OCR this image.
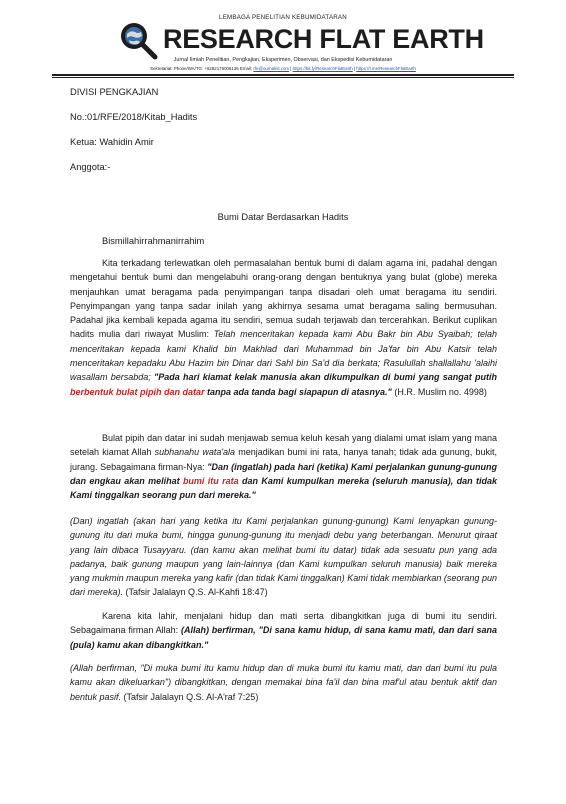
LEMBAGA PENELITIAN KEBUMIDATARAN
RESEARCH FLAT EARTH
Jurnal Ilmiah Penelitian, Pengkajian, Eksperimen, Observasi, dan Ekspedisi Kebumidataran
Sekretariat: Phone/WA/TG: +6282176006136 Email: rfe@ournalist.com | https://bit.ly/ResearchFlatEarth | https://t.me/ResearchFlatEarth
DIVISI PENGKAJIAN
No.:01/RFE/2018/Kitab_Hadits
Ketua: Wahidin Amir
Anggota:-
Bumi Datar Berdasarkan Hadits
Bismillahirrahmanirrahim
Kita terkadang terlewatkan oleh permasalahan bentuk bumi di dalam agama ini, padahal dengan mengetahui bentuk bumi dan mengelabuhi orang-orang dengan bentuknya yang bulat (globe) mereka menjauhkan umat beragama pada penyimpangan tanpa disadari oleh umat beragama itu sendiri. Penyimpangan yang tanpa sadar inilah yang akhirnya sesama umat beragama saling bermusuhan. Padahal jika kembali kepada agama itu sendiri, semua sudah terjawab dan tercerahkan. Berikut cuplikan hadits mulia dari riwayat Muslim: Telah menceritakan kepada kami Abu Bakr bin Abu Syaibah; telah menceritakan kepada kami Khalid bin Makhlad dari Muhammad bin Ja'far bin Abu Katsir telah menceritakan kepadaku Abu Hazim bin Dinar dari Sahl bin Sa'd dia berkata; Rasulullah shallallahu 'alaihi wasallam bersabda; "Pada hari kiamat kelak manusia akan dikumpulkan di bumi yang sangat putih berbentuk bulat pipih dan datar tanpa ada tanda bagi siapapun di atasnya." (H.R. Muslim no. 4998)
Bulat pipih dan datar ini sudah menjawab semua keluh kesah yang dialami umat islam yang mana setelah kiamat Allah subhanahu wata'ala menjadikan bumi ini rata, hanya tanah; tidak ada gunung, bukit, jurang. Sebagaimana firman-Nya: "Dan (ingatlah) pada hari (ketika) Kami perjalankan gunung-gunung dan engkau akan melihat bumi itu rata dan Kami kumpulkan mereka (seluruh manusia), dan tidak Kami tinggalkan seorang pun dari mereka."
(Dan) ingatlah (akan hari yang ketika itu Kami perjalankan gunung-gunung) Kami lenyapkan gunung-gunung itu dari muka bumi, hingga gunung-gunung itu menjadi debu yang beterbangan. Menurut qiraat yang lain dibaca Tusayyaru. (dan kamu akan melihat bumi itu datar) tidak ada sesuatu pun yang ada padanya, baik gunung maupun yang lain-lainnya (dan Kami kumpulkan seluruh manusia) baik mereka yang mukmin maupun mereka yang kafir (dan tidak Kami tinggalkan) Kami tidak membiarkan (seorang pun dari mereka). (Tafsir Jalalayn Q.S. Al-Kahfi 18:47)
Karena kita lahir, menjalani hidup dan mati serta dibangkitkan juga di bumi itu sendiri. Sebagaimana firman Allah: (Allah) berfirman, "Di sana kamu hidup, di sana kamu mati, dan dari sana (pula) kamu akan dibangkitkan."
(Allah berfirman, "Di muka bumi itu kamu hidup dan di muka bumi itu kamu mati, dan dari bumi itu pula kamu akan dikeluarkan") dibangkitkan, dengan memakai bina fa'il dan bina maf'ul atau bentuk aktif dan bentuk pasif. (Tafsir Jalalayn Q.S. Al-A'raf 7:25)
